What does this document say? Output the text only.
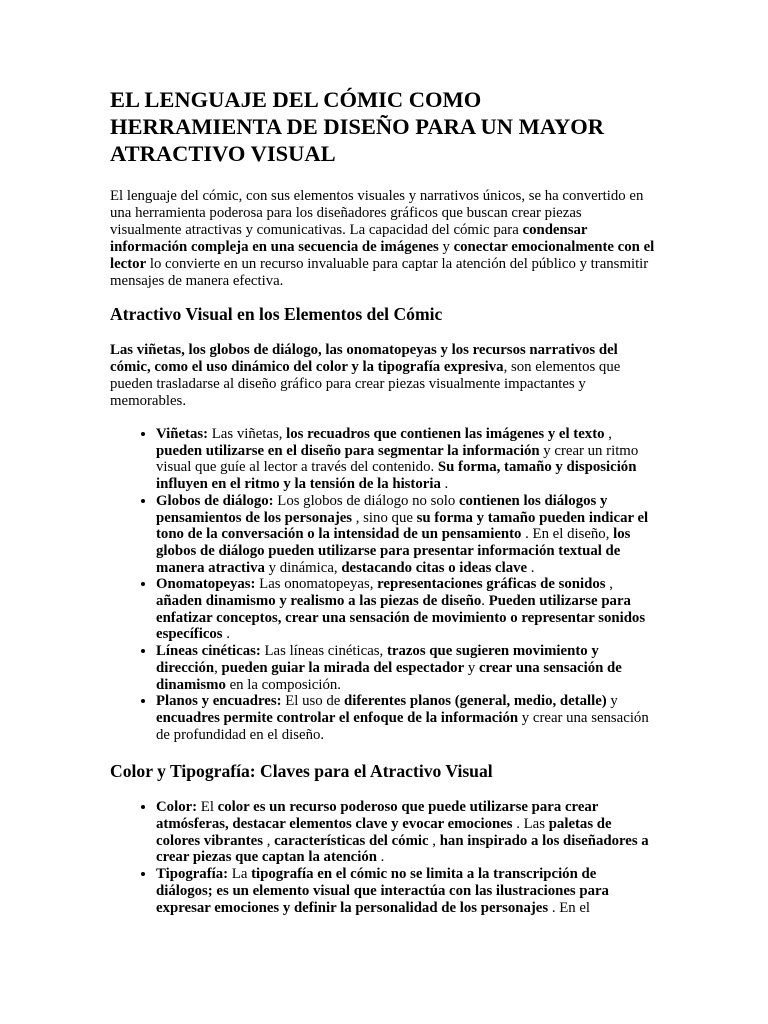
EL LENGUAJE DEL CÓMIC COMO HERRAMIENTA DE DISEÑO PARA UN MAYOR ATRACTIVO VISUAL

El lenguaje del cómic, con sus elementos visuales y narrativos únicos, se ha convertido en una herramienta poderosa para los diseñadores gráficos que buscan crear piezas visualmente atractivas y comunicativas. La capacidad del cómic para condensar información compleja en una secuencia de imágenes y conectar emocionalmente con el lector lo convierte en un recurso invaluable para captar la atención del público y transmitir mensajes de manera efectiva.

Atractivo Visual en los Elementos del Cómic

Las viñetas, los globos de diálogo, las onomatopeyas y los recursos narrativos del cómic, como el uso dinámico del color y la tipografía expresiva, son elementos que pueden trasladarse al diseño gráfico para crear piezas visualmente impactantes y memorables.

• Viñetas: Las viñetas, los recuadros que contienen las imágenes y el texto , pueden utilizarse en el diseño para segmentar la información y crear un ritmo visual que guíe al lector a través del contenido. Su forma, tamaño y disposición influyen en el ritmo y la tensión de la historia .
• Globos de diálogo: Los globos de diálogo no solo contienen los diálogos y pensamientos de los personajes , sino que su forma y tamaño pueden indicar el tono de la conversación o la intensidad de un pensamiento . En el diseño, los globos de diálogo pueden utilizarse para presentar información textual de manera atractiva y dinámica, destacando citas o ideas clave .
• Onomatopeyas: Las onomatopeyas, representaciones gráficas de sonidos , añaden dinamismo y realismo a las piezas de diseño. Pueden utilizarse para enfatizar conceptos, crear una sensación de movimiento o representar sonidos específicos .
• Líneas cinéticas: Las líneas cinéticas, trazos que sugieren movimiento y dirección, pueden guiar la mirada del espectador y crear una sensación de dinamismo en la composición.
• Planos y encuadres: El uso de diferentes planos (general, medio, detalle) y encuadres permite controlar el enfoque de la información y crear una sensación de profundidad en el diseño.
Color y Tipografía: Claves para el Atractivo Visual
• Color: El color es un recurso poderoso que puede utilizarse para crear atmósferas, destacar elementos clave y evocar emociones . Las paletas de colores vibrantes , características del cómic , han inspirado a los diseñadores a crear piezas que captan la atención .
• Tipografía: La tipografía en el cómic no se limita a la transcripción de diálogos; es un elemento visual que interactúa con las ilustraciones para expresar emociones y definir la personalidad de los personajes . En el
